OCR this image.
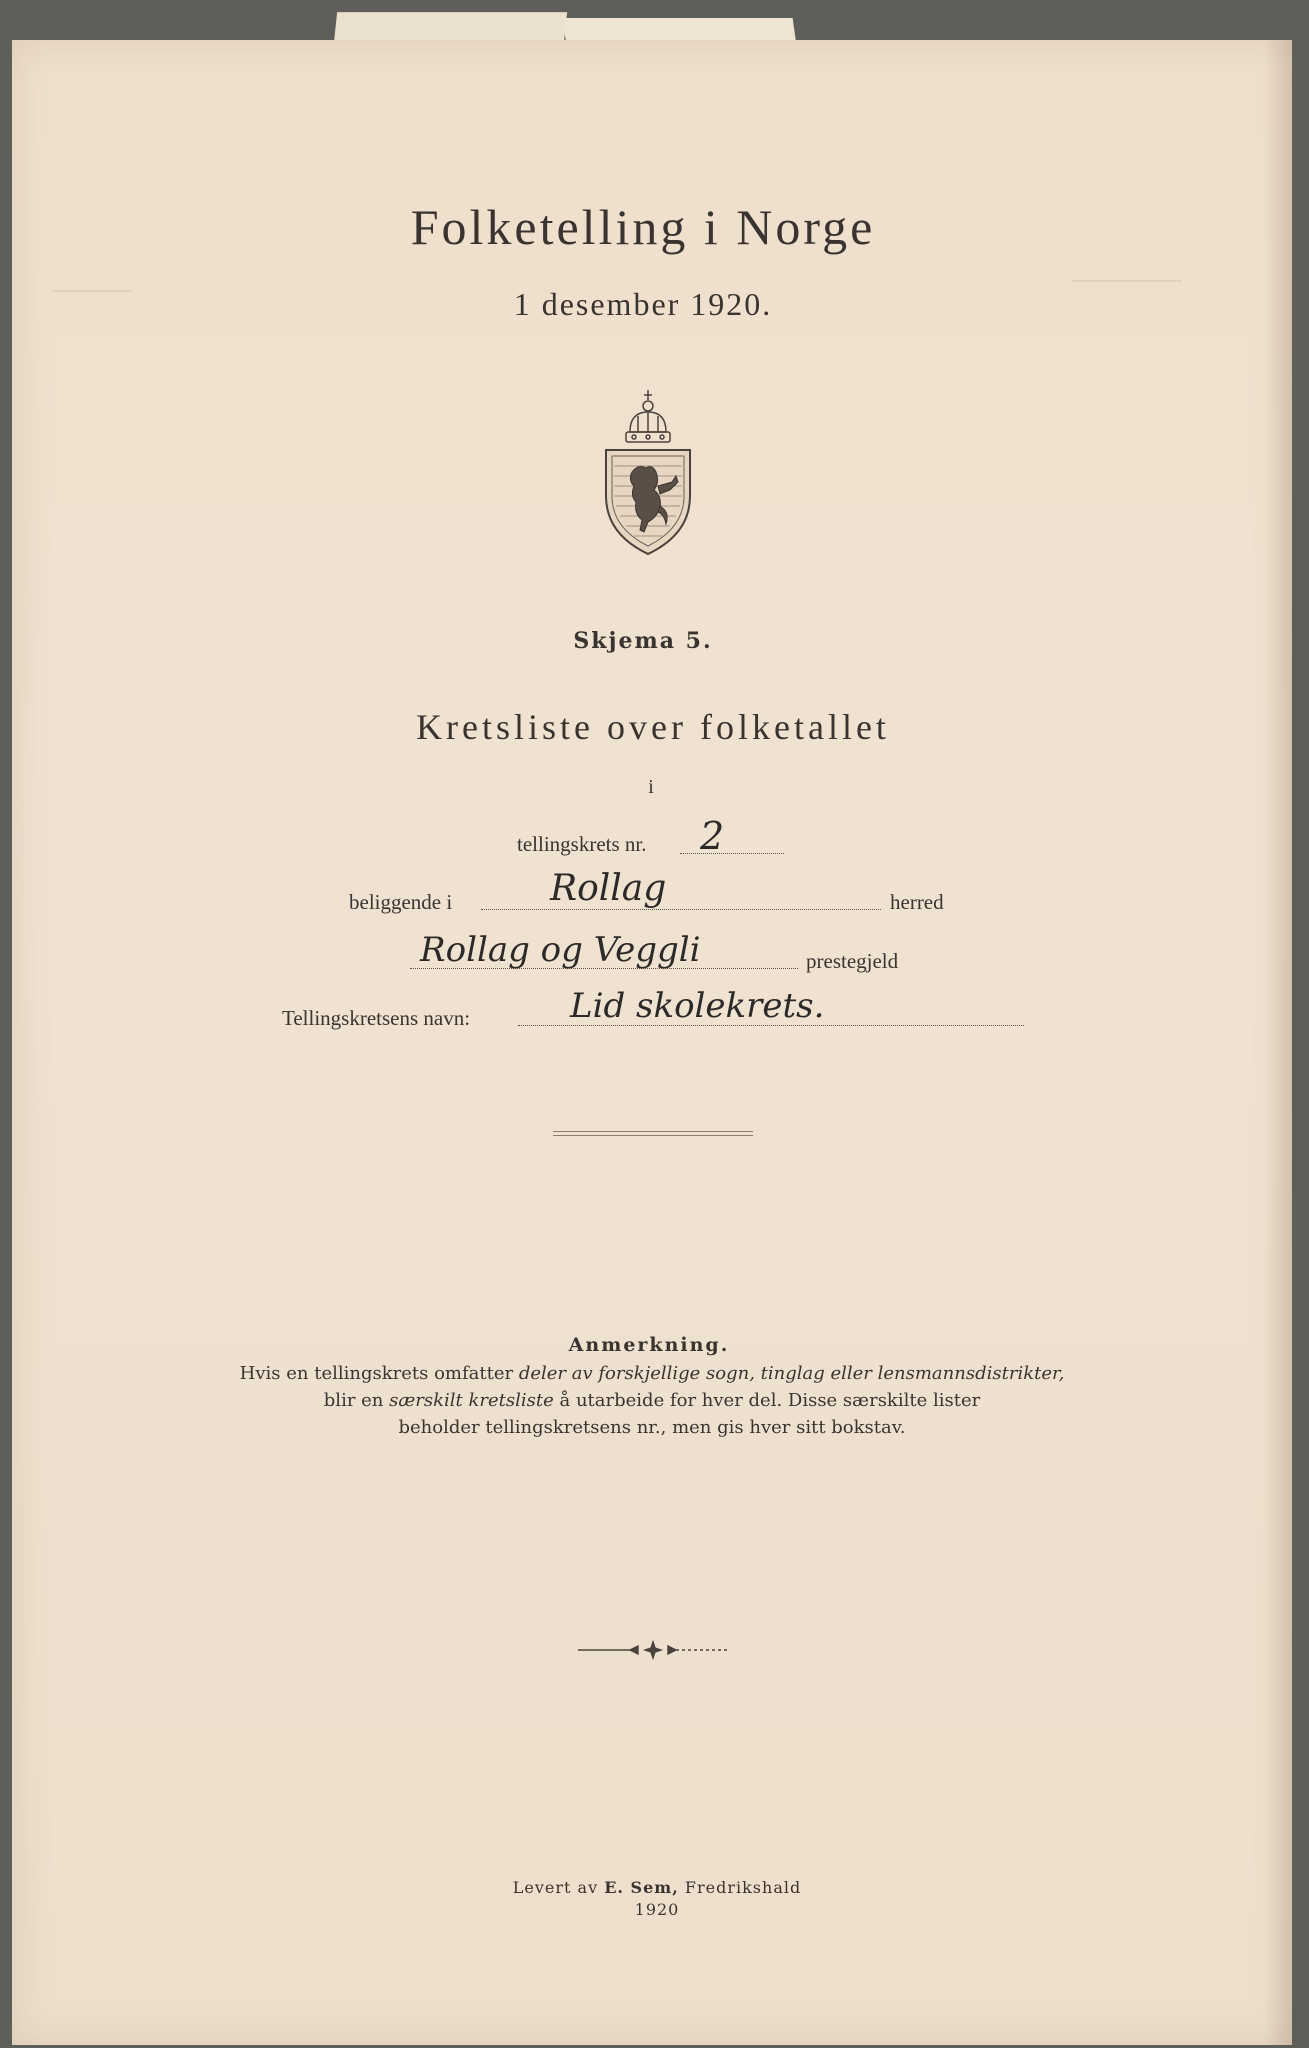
Folketelling i Norge
1 desember 1920.
Skjema 5.
Kretsliste over folketallet
i
tellingskrets nr. 2
beliggende i	Rollag	herred
Rollag og Veggli	prestegjeld
Tellingskretsens navn:	Lid skolekrets.
Anmerkning.
Hvis en tellingskrets omfatter deler av forskjellige sogn, tinglag eller lensmannsdistrikter,
blir en særskilt kretsliste å utarbeide for hver del. Disse særskilte lister
beholder tellingskretsens nr., men gis hver sitt bokstav.
Levert av E. Sem, Fredrikshald
1920
